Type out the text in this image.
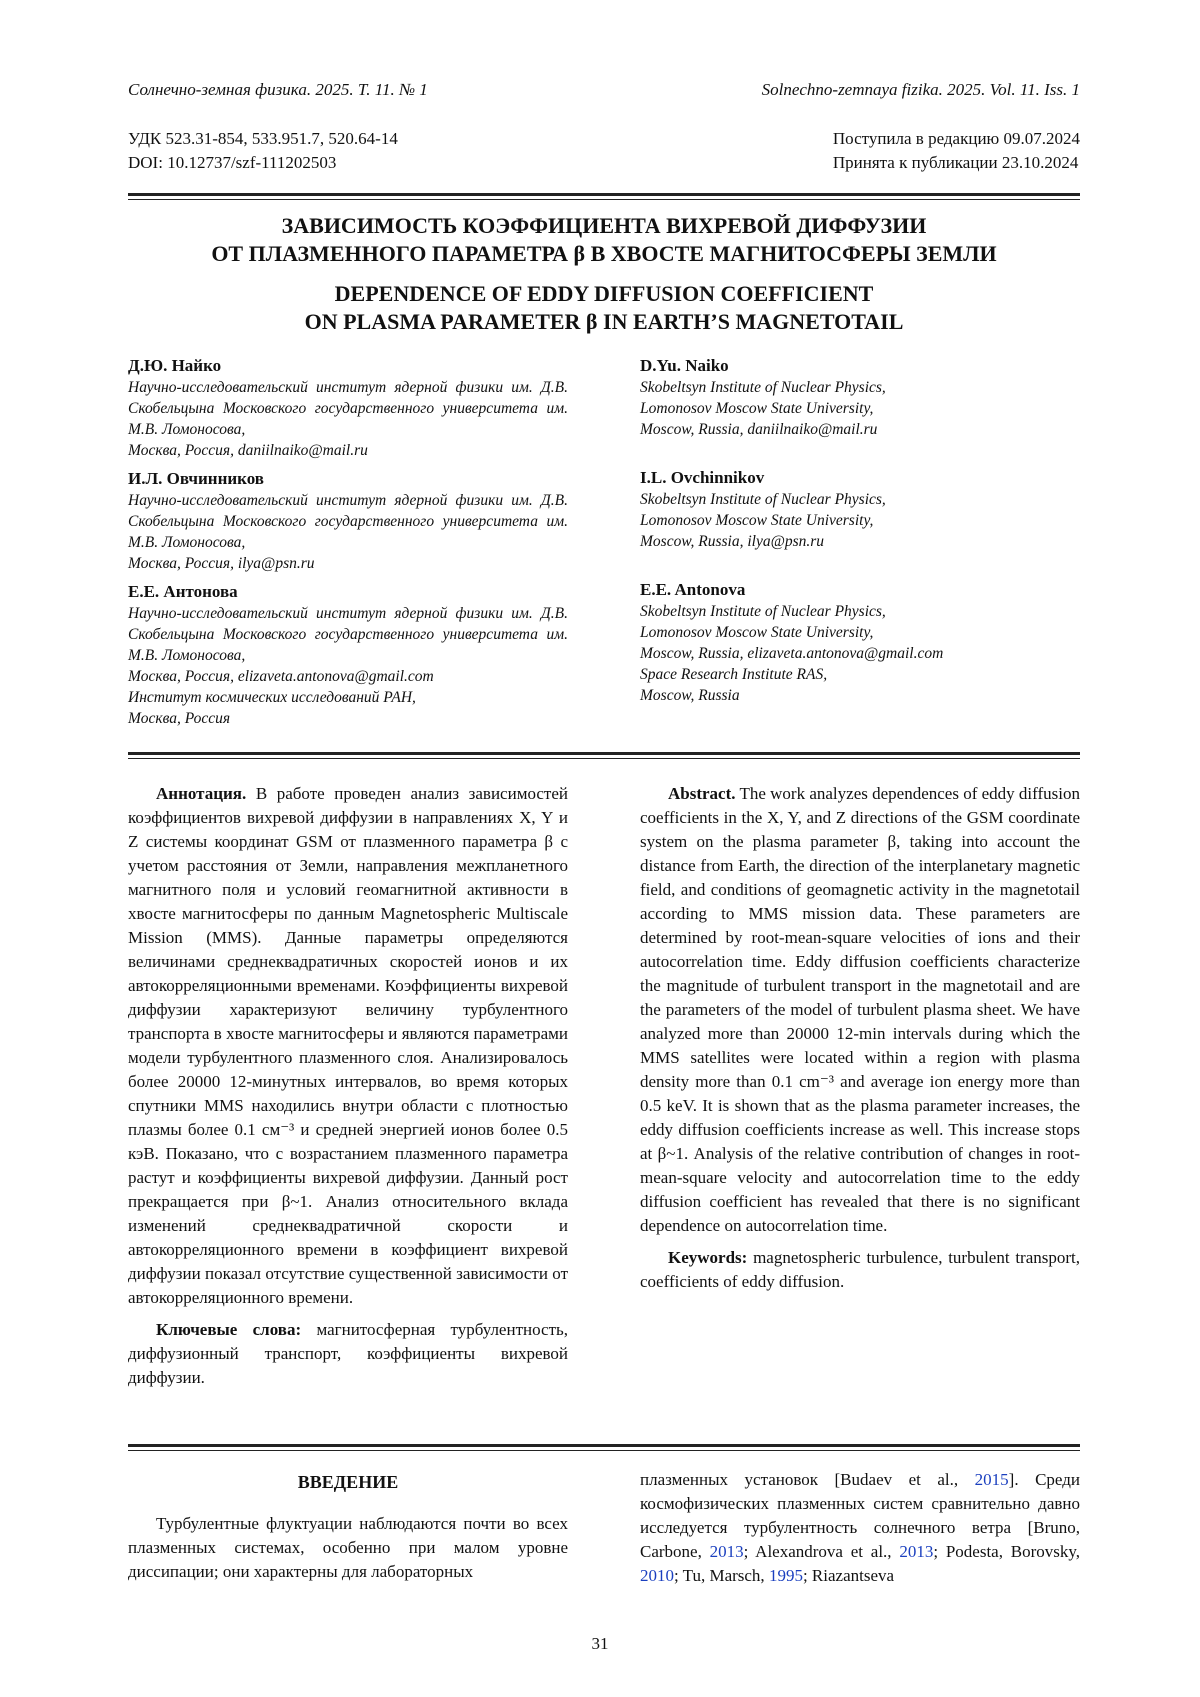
Солнечно-земная физика. 2025. Т. 11. № 1	Solnechno-zemnaya fizika. 2025. Vol. 11. Iss. 1
УДК 523.31-854, 533.951.7, 520.64-14
DOI: 10.12737/szf-111202503
Поступила в редакцию 09.07.2024
Принята к публикации 23.10.2024
ЗАВИСИМОСТЬ КОЭФФИЦИЕНТА ВИХРЕВОЙ ДИФФУЗИИ
ОТ ПЛАЗМЕННОГО ПАРАМЕТРА β В ХВОСТЕ МАГНИТОСФЕРЫ ЗЕМЛИ
DEPENDENCE OF EDDY DIFFUSION COEFFICIENT
ON PLASMA PARAMETER β IN EARTH’S MAGNETOTAIL
Д.Ю. Найко
Научно-исследовательский институт ядерной физики им. Д.В. Скобельцына Московского государственного университета им. М.В. Ломоносова,
Москва, Россия, daniilnaiko@mail.ru
И.Л. Овчинников
Научно-исследовательский институт ядерной физики им. Д.В. Скобельцына Московского государственного университета им. М.В. Ломоносова,
Москва, Россия, ilya@psn.ru
Е.Е. Антонова
Научно-исследовательский институт ядерной физики им. Д.В. Скобельцына Московского государственного университета им. М.В. Ломоносова,
Москва, Россия, elizaveta.antonova@gmail.com
Институт космических исследований РАН,
Москва, Россия
D.Yu. Naiko
Skobeltsyn Institute of Nuclear Physics,
Lomonosov Moscow State University,
Moscow, Russia, daniilnaiko@mail.ru
I.L. Ovchinnikov
Skobeltsyn Institute of Nuclear Physics,
Lomonosov Moscow State University,
Moscow, Russia, ilya@psn.ru
E.E. Antonova
Skobeltsyn Institute of Nuclear Physics,
Lomonosov Moscow State University,
Moscow, Russia, elizaveta.antonova@gmail.com
Space Research Institute RAS,
Moscow, Russia

Аннотация. В работе проведен анализ зависимостей коэффициентов вихревой диффузии в направлениях X, Y и Z системы координат GSM от плазменного параметра β с учетом расстояния от Земли, направления межпланетного магнитного поля и условий геомагнитной активности в хвосте магнитосферы по данным Magnetospheric Multiscale Mission (MMS). Данные параметры определяются величинами среднеквадратичных скоростей ионов и их автокорреляционными временами. Коэффициенты вихревой диффузии характеризуют величину турбулентного транспорта в хвосте магнитосферы и являются параметрами модели турбулентного плазменного слоя. Анализировалось более 20000 12-минутных интервалов, во время которых спутники MMS находились внутри области с плотностью плазмы более 0.1 см⁻³ и средней энергией ионов более 0.5 кэВ. Показано, что с возрастанием плазменного параметра растут и коэффициенты вихревой диффузии. Данный рост прекращается при β~1. Анализ относительного вклада изменений среднеквадратичной скорости и автокорреляционного времени в коэффициент вихревой диффузии показал отсутствие существенной зависимости от автокорреляционного времени.

Ключевые слова: магнитосферная турбулентность, диффузионный транспорт, коэффициенты вихревой диффузии.

Abstract. The work analyzes dependences of eddy diffusion coefficients in the X, Y, and Z directions of the GSM coordinate system on the plasma parameter β, taking into account the distance from Earth, the direction of the interplanetary magnetic field, and conditions of geomagnetic activity in the magnetotail according to MMS mission data. These parameters are determined by root-mean-square velocities of ions and their autocorrelation time. Eddy diffusion coefficients characterize the magnitude of turbulent transport in the magnetotail and are the parameters of the model of turbulent plasma sheet. We have analyzed more than 20000 12-min intervals during which the MMS satellites were located within a region with plasma density more than 0.1 cm⁻³ and average ion energy more than 0.5 keV. It is shown that as the plasma parameter increases, the eddy diffusion coefficients increase as well. This increase stops at β~1. Analysis of the relative contribution of changes in root-mean-square velocity and autocorrelation time to the eddy diffusion coefficient has revealed that there is no significant dependence on autocorrelation time.

Keywords: magnetospheric turbulence, turbulent transport, coefficients of eddy diffusion.

ВВЕДЕНИЕ

Турбулентные флуктуации наблюдаются почти во всех плазменных системах, особенно при малом уровне диссипации; они характерны для лабораторных

плазменных установок [Budaev et al., 2015]. Среди космофизических плазменных систем сравнительно давно исследуется турбулентность солнечного ветра [Bruno, Carbone, 2013; Alexandrova et al., 2013; Podesta, Borovsky, 2010; Tu, Marsch, 1995; Riazantseva

31
